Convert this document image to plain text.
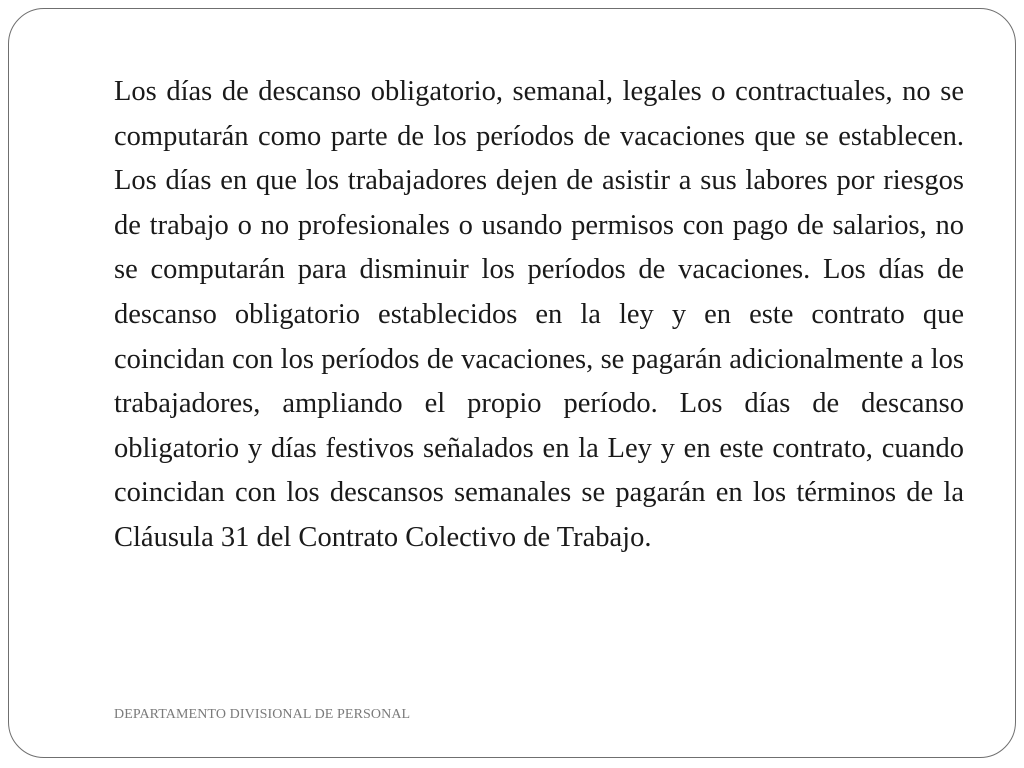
Los días de descanso obligatorio, semanal, legales o contractuales, no se computarán como parte de los períodos de vacaciones que se establecen. Los días en que los trabajadores dejen de asistir a sus labores por riesgos de trabajo o no profesionales o usando permisos con pago de salarios, no se computarán para disminuir los períodos de vacaciones. Los días de descanso obligatorio establecidos en la ley y en este contrato que coincidan con los períodos de vacaciones, se pagarán adicionalmente a los trabajadores, ampliando el propio período. Los días de descanso obligatorio y días festivos señalados en la Ley y en este contrato, cuando coincidan con los descansos semanales se pagarán en los términos de la Cláusula 31 del Contrato Colectivo de Trabajo.

DEPARTAMENTO DIVISIONAL DE PERSONAL
